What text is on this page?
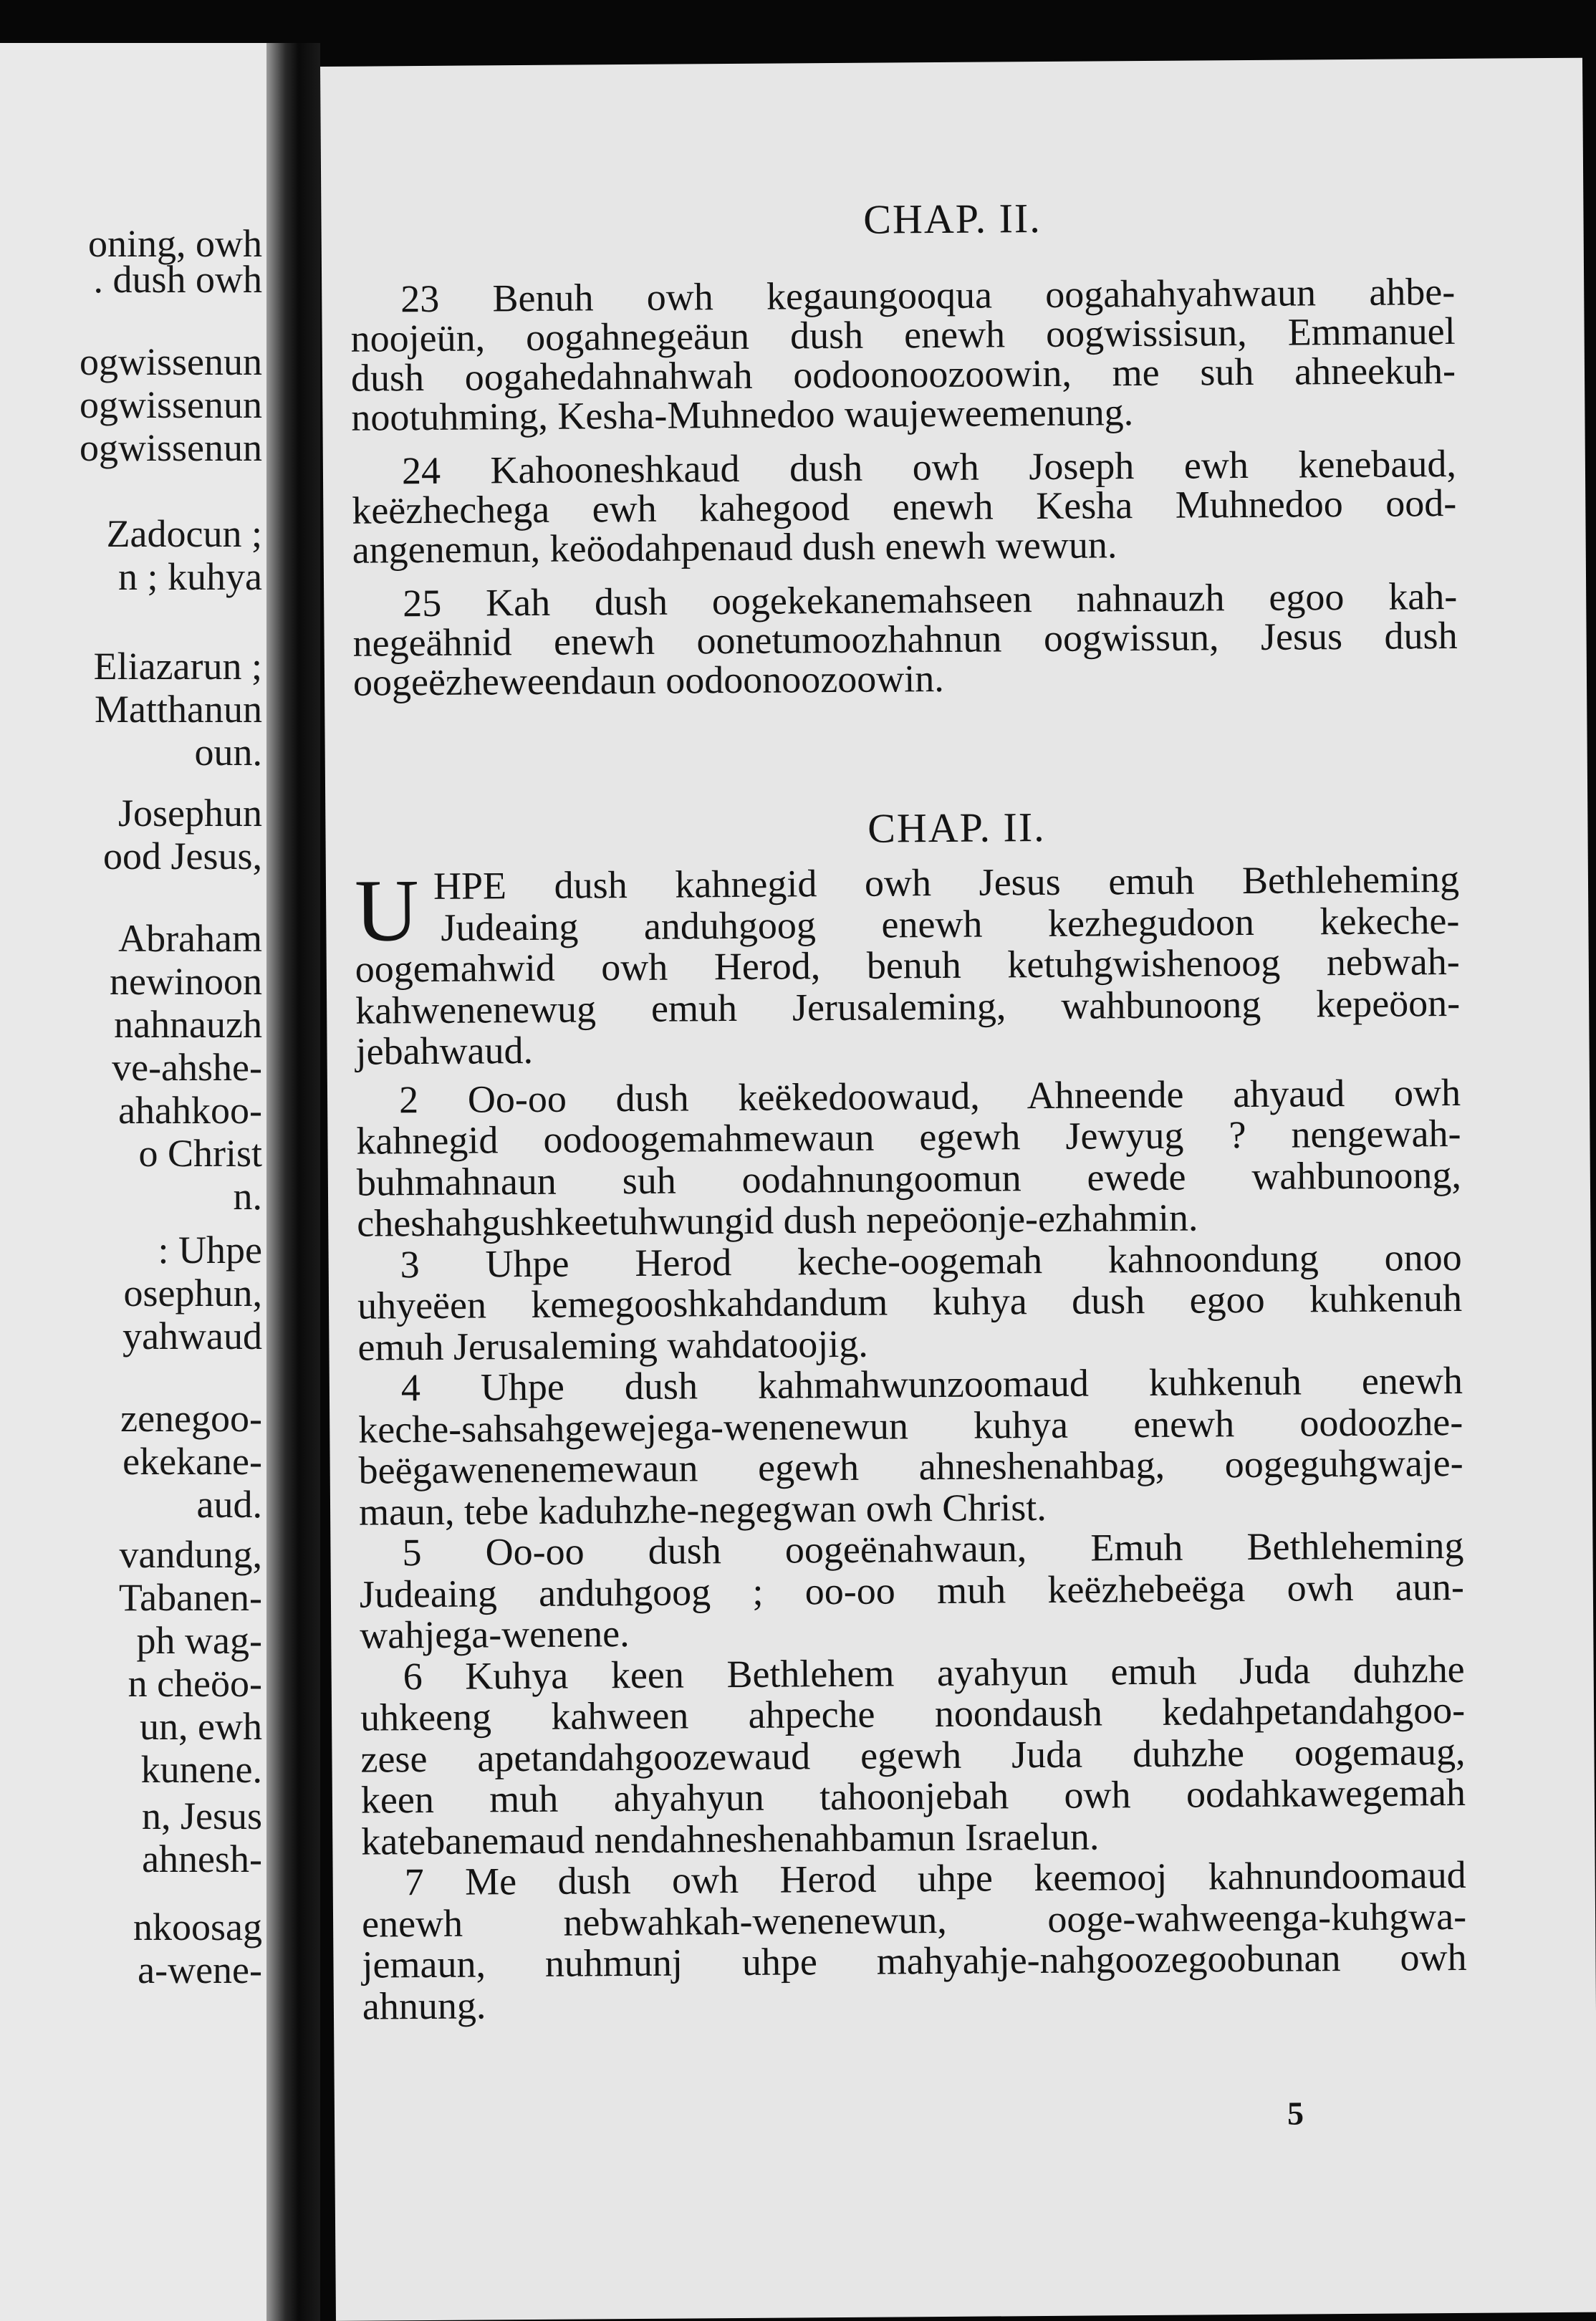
oning, owh
. dush owh
ogwissenun
ogwissenun
ogwissenun
Zadocun ;
n ; kuhya
Eliazarun ;
Matthanun
oun.
Josephun
ood Jesus,
Abraham
newinoon
nahnauzh
ve-ahshe-
ahahkoo-
o Christ
n.
: Uhpe
osephun,
yahwaud
zenegoo-
ekekane-
aud.
vandung,
Tabanen-
ph wag-
n cheöo-
un, ewh
kunene.
n, Jesus
ahnesh-
nkoosag
a-wene-

CHAP. II.
CHAP. II.
U
5
23 Benuh owh kegaungooqua oogahahyahwaun ahbe-
noojeün, oogahnegeäun dush enewh oogwissisun, Emmanuel
dush oogahedahnahwah oodoonoozoowin, me suh ahneekuh-
nootuhming, Kesha-Muhnedoo waujeweemenung.
24 Kahooneshkaud dush owh Joseph ewh kenebaud,
keëzhechega ewh kahegood enewh Kesha Muhnedoo ood-
angenemun, keöodahpenaud dush enewh wewun.
25 Kah dush oogekekanemahseen nahnauzh egoo kah-
negeähnid enewh oonetumoozhahnun oogwissun, Jesus dush
oogeëzheweendaun oodoonoozoowin.
HPE dush kahnegid owh Jesus emuh Bethleheming
Judeaing anduhgoog enewh kezhegudoon kekeche-
oogemahwid owh Herod, benuh ketuhgwishenoog nebwah-
kahwenenewug emuh Jerusaleming, wahbunoong kepeöon-
jebahwaud.
2 Oo-oo dush keëkedoowaud, Ahneende ahyaud owh
kahnegid oodoogemahmewaun egewh Jewyug ? nengewah-
buhmahnaun suh oodahnungoomun ewede wahbunoong,
cheshahgushkeetuhwungid dush nepeöonje-ezhahmin.
3 Uhpe Herod keche-oogemah kahnoondung onoo
uhyeëen kemegooshkahdandum kuhya dush egoo kuhkenuh
emuh Jerusaleming wahdatoojig.
4 Uhpe dush kahmahwunzoomaud kuhkenuh enewh
keche-sahsahgewejega-wenenewun kuhya enewh oodoozhe-
beëgawenenemewaun egewh ahneshenahbag, oogeguhgwaje-
maun, tebe kaduhzhe-negegwan owh Christ.
5 Oo-oo dush oogeënahwaun, Emuh Bethleheming
Judeaing anduhgoog ; oo-oo muh keëzhebeëga owh aun-
wahjega-wenene.
6 Kuhya keen Bethlehem ayahyun emuh Juda duhzhe
uhkeeng kahween ahpeche noondaush kedahpetandahgoo-
zese apetandahgoozewaud egewh Juda duhzhe oogemaug,
keen muh ahyahyun tahoonjebah owh oodahkawegemah
katebanemaud nendahneshenahbamun Israelun.
7 Me dush owh Herod uhpe keemooj kahnundoomaud
enewh nebwahkah-wenenewun, ooge-wahweenga-kuhgwa-
jemaun, nuhmunj uhpe mahyahje-nahgoozegoobunan owh
ahnung.
